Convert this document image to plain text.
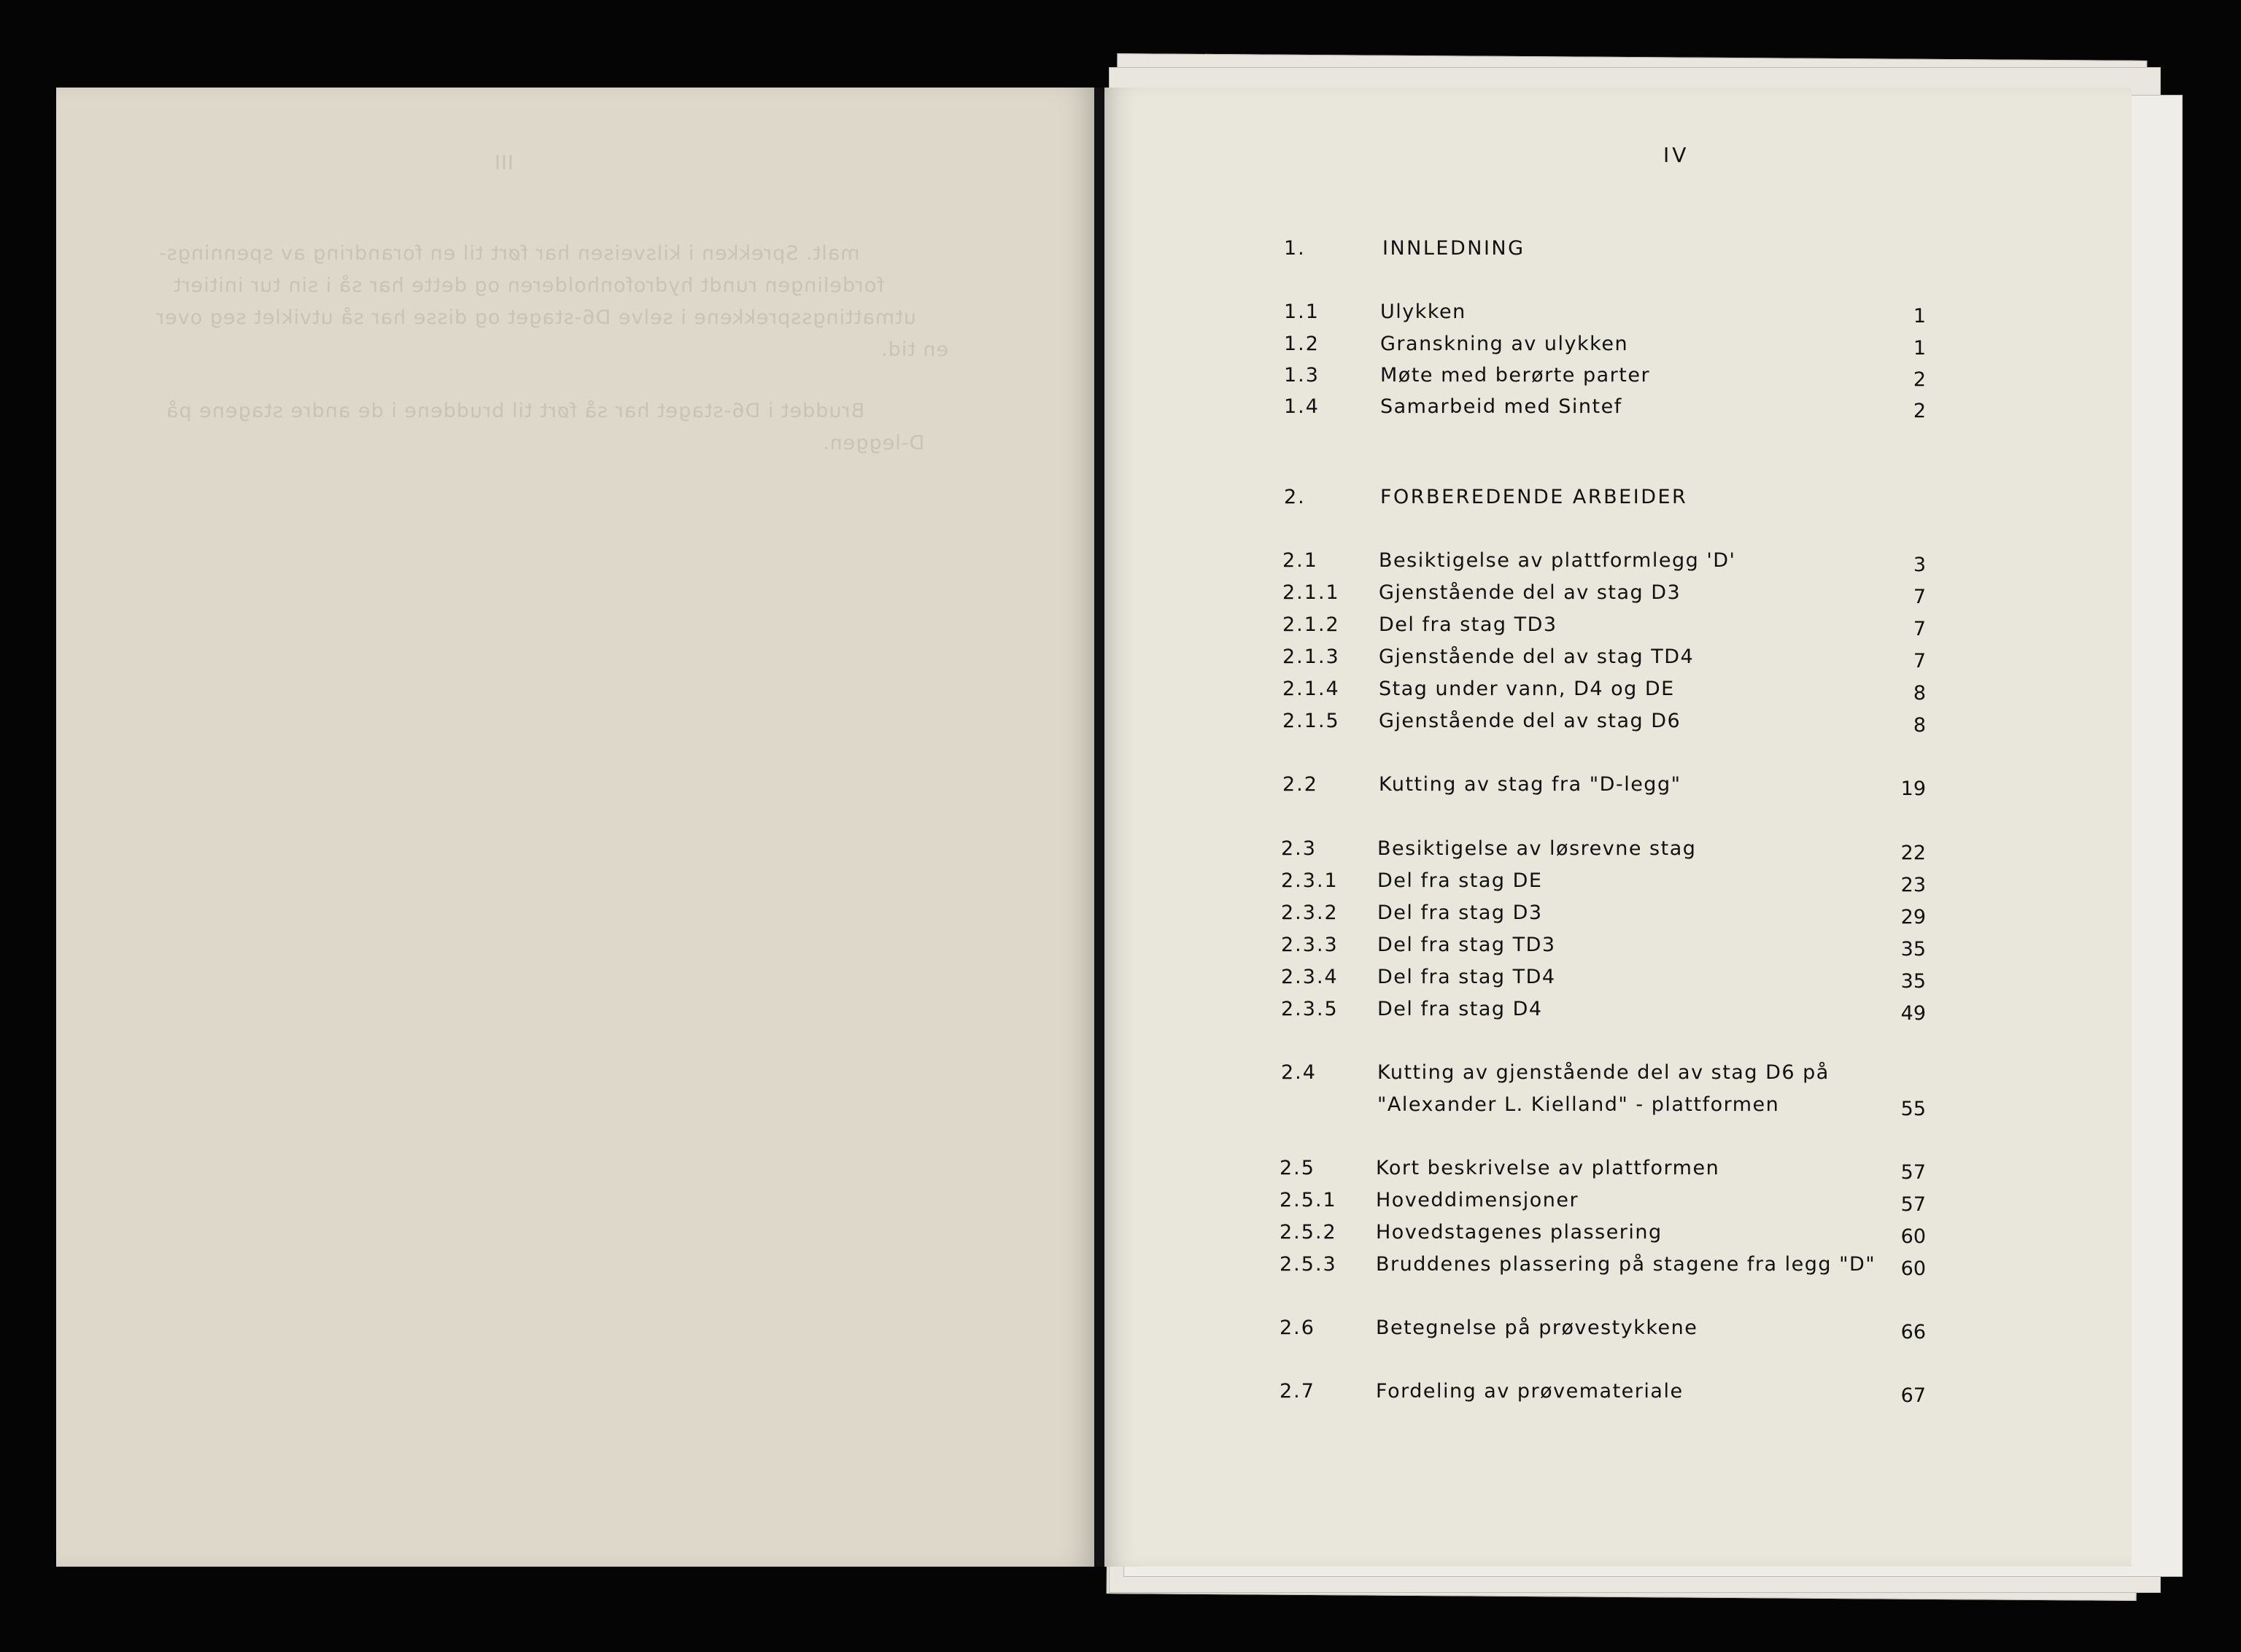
III
malt. Sprekken i kilsveisen har ført til en forandring av spennings-
fordelingen rundt hydrofonholderen og dette har så i sin tur initiert
utmattingssprekkene i selve D6-staget og disse har så utviklet seg over
en tid.
Bruddet i D6-staget har så ført til bruddene i de andre stagene på
D-leggen.
IV
1.	INNLEDNING
1.1	Ulykken	1
1.2	Granskning av ulykken	1
1.3	Møte med berørte parter	2
1.4	Samarbeid med Sintef	2
2.	FORBEREDENDE ARBEIDER
2.1	Besiktigelse av plattformlegg 'D'	3
2.1.1 Gjenstående del av stag D3	7
2.1.2 Del fra stag TD3	7
2.1.3 Gjenstående del av stag TD4	7
2.1.4 Stag under vann, D4 og DE	8
2.1.5 Gjenstående del av stag D6	8
2.2	Kutting av stag fra "D-legg"	19
2.3	Besiktigelse av løsrevne stag	22
2.3.1 Del fra stag DE	23
2.3.2 Del fra stag D3	29
2.3.3 Del fra stag TD3	35
2.3.4 Del fra stag TD4	35
2.3.5 Del fra stag D4	49
2.4	Kutting av gjenstående del av stag D6 på
"Alexander L. Kielland" - plattformen	55
2.5	Kort beskrivelse av plattformen	57
2.5.1 Hoveddimensjoner	57
2.5.2 Hovedstagenes plassering	60
2.5.3 Bruddenes plassering på stagene fra legg "D"	60
2.6	Betegnelse på prøvestykkene	66
2.7	Fordeling av prøvemateriale	67
